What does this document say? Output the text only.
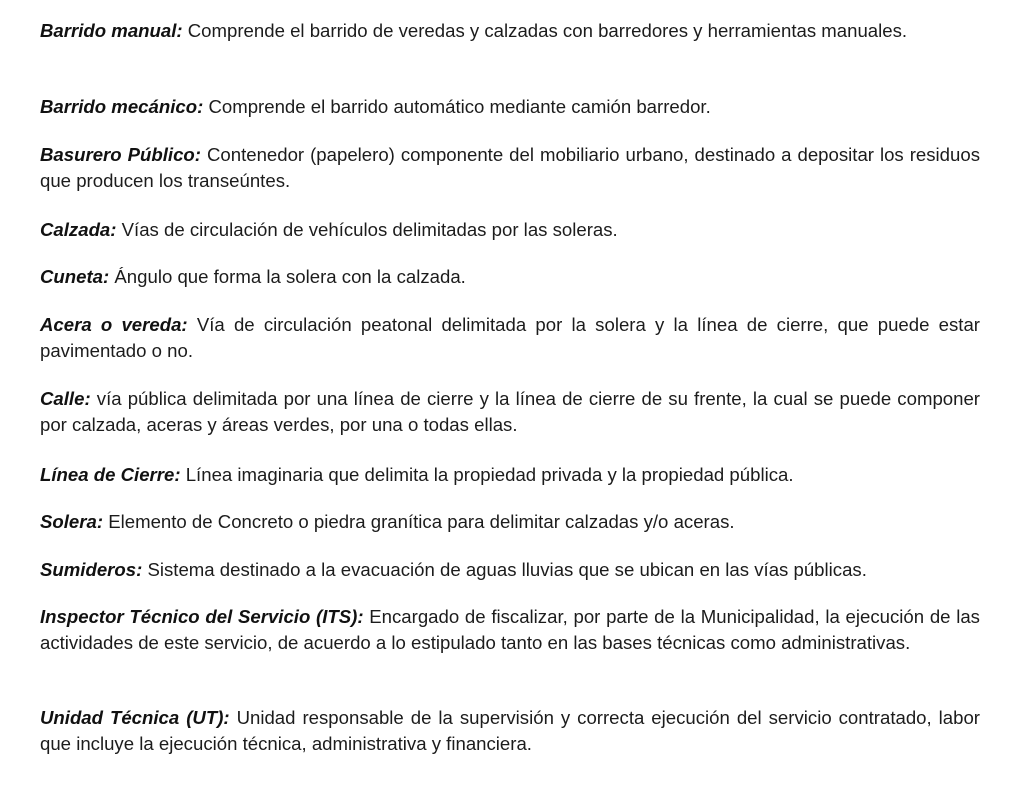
Barrido manual: Comprende el barrido de veredas y calzadas con barredores y herramientas manuales.

Barrido mecánico: Comprende el barrido automático mediante camión barredor.

Basurero Público: Contenedor (papelero) componente del mobiliario urbano, destinado a depositar los residuos que producen los transeúntes.

Calzada: Vías de circulación de vehículos delimitadas por las soleras.

Cuneta: Ángulo que forma la solera con la calzada.

Acera o vereda: Vía de circulación peatonal delimitada por la solera y la línea de cierre, que puede estar pavimentado o no.

Calle: vía pública delimitada por una línea de cierre y la línea de cierre de su frente, la cual se puede componer por calzada, aceras y áreas verdes, por una o todas ellas.

Línea de Cierre: Línea imaginaria que delimita la propiedad privada y la propiedad pública.

Solera: Elemento de Concreto o piedra granítica para delimitar calzadas y/o aceras.

Sumideros: Sistema destinado a la evacuación de aguas lluvias que se ubican en las vías públicas.

Inspector Técnico del Servicio (ITS): Encargado de fiscalizar, por parte de la Municipalidad, la ejecución de las actividades de este servicio, de acuerdo a lo estipulado tanto en las bases técnicas como administrativas.

Unidad Técnica (UT): Unidad responsable de la supervisión y correcta ejecución del servicio contratado, labor que incluye la ejecución técnica, administrativa y financiera.
